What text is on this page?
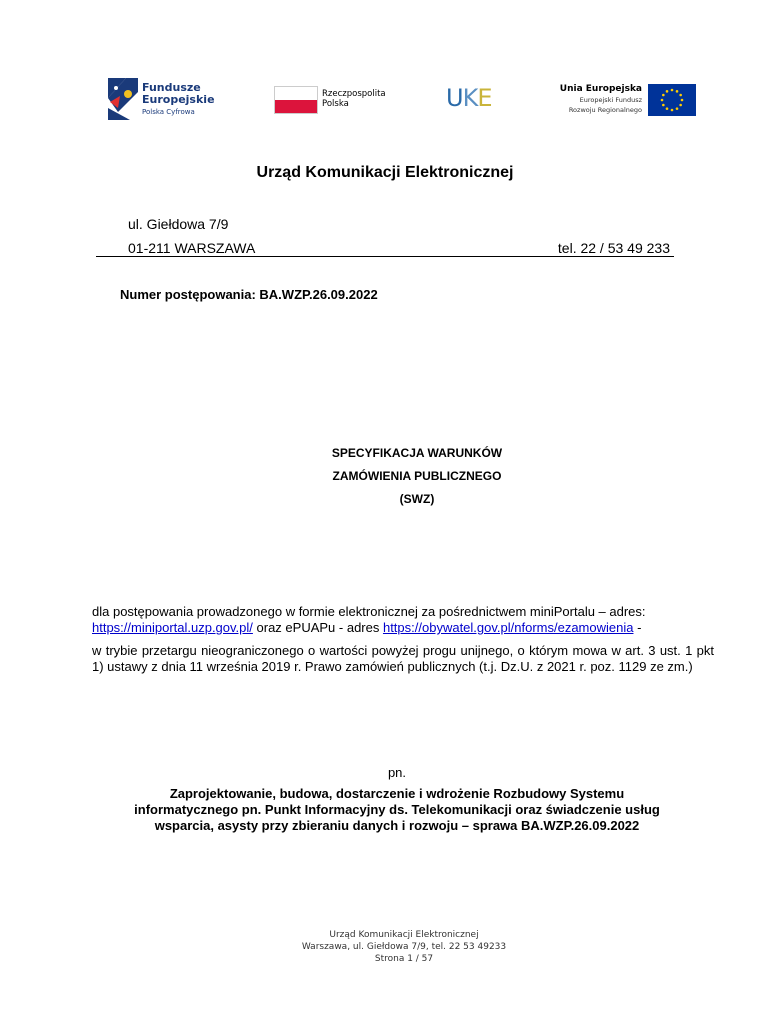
Fundusze
Europejskie
Polska Cyfrowa
Rzeczpospolita
Polska	UKE	Unia Europejska
Europejski Fundusz
Rozwoju Regionalnego
Urząd Komunikacji Elektronicznej
ul. Giełdowa 7/9
01-211 WARSZAWA	tel. 22 / 53 49 233
Numer postępowania: BA.WZP.26.09.2022
SPECYFIKACJA WARUNKÓW
ZAMÓWIENIA PUBLICZNEGO
(SWZ)
dla postępowania prowadzonego w formie elektronicznej za pośrednictwem miniPortalu – adres: https://miniportal.uzp.gov.pl/ oraz ePUAPu - adres https://obywatel.gov.pl/nforms/ezamowienia -
w trybie przetargu nieograniczonego o wartości powyżej progu unijnego, o którym mowa w art. 3 ust. 1 pkt 1) ustawy z dnia 11 września 2019 r. Prawo zamówień publicznych (t.j. Dz.U. z 2021 r. poz. 1129 ze zm.)
pn.
Zaprojektowanie, budowa, dostarczenie i wdrożenie Rozbudowy Systemu informatycznego pn. Punkt Informacyjny ds. Telekomunikacji oraz świadczenie usług wsparcia, asysty przy zbieraniu danych i rozwoju – sprawa BA.WZP.26.09.2022
Urząd Komunikacji Elektronicznej
Warszawa, ul. Giełdowa 7/9, tel. 22 53 49233
Strona 1 / 57
